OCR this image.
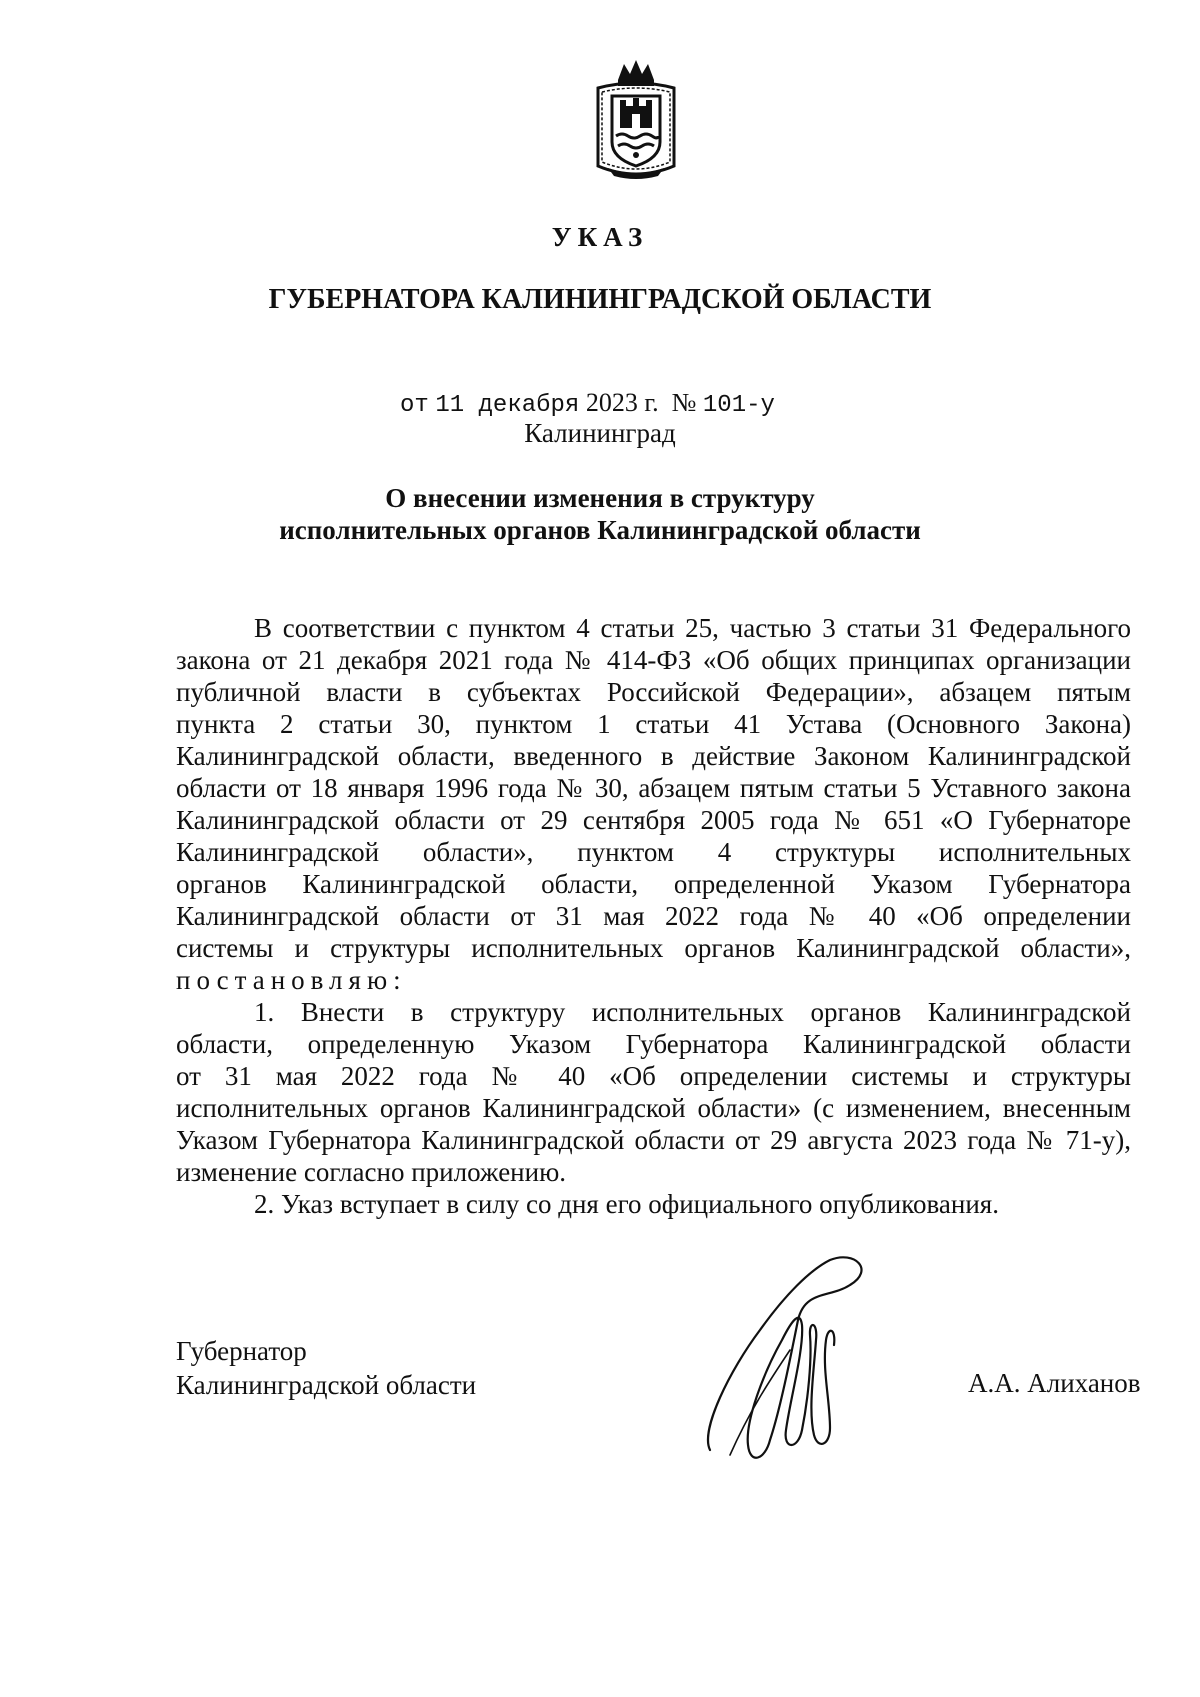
УКАЗ
ГУБЕРНАТОРА КАЛИНИНГРАДСКОЙ ОБЛАСТИ
от 11 декабря 2023 г. № 101-у
Калининград
О внесении изменения в структуру
исполнительных органов Калининградской области
В соответствии с пунктом 4 статьи 25, частью 3 статьи 31 Федерального
закона от 21 декабря 2021 года № 414-ФЗ «Об общих принципах организации
публичной власти в субъектах Российской Федерации», абзацем пятым
пункта 2 статьи 30, пунктом 1 статьи 41 Устава (Основного Закона)
Калининградской области, введенного в действие Законом Калининградской
области от 18 января 1996 года № 30, абзацем пятым статьи 5 Уставного закона
Калининградской области от 29 сентября 2005 года № 651 «О Губернаторе
Калининградской области», пунктом 4 структуры исполнительных
органов Калининградской области, определенной Указом Губернатора
Калининградской области от 31 мая 2022 года № 40 «Об определении
системы и структуры исполнительных органов Калининградской области»,
постановляю:
1. Внести в структуру исполнительных органов Калининградской
области, определенную Указом Губернатора Калининградской области
от 31 мая 2022 года № 40 «Об определении системы и структуры
исполнительных органов Калининградской области» (с изменением, внесенным
Указом Губернатора Калининградской области от 29 августа 2023 года № 71-у),
изменение согласно приложению.
2. Указ вступает в силу со дня его официального опубликования.
Губернатор
Калининградской области	А.А. Алиханов
